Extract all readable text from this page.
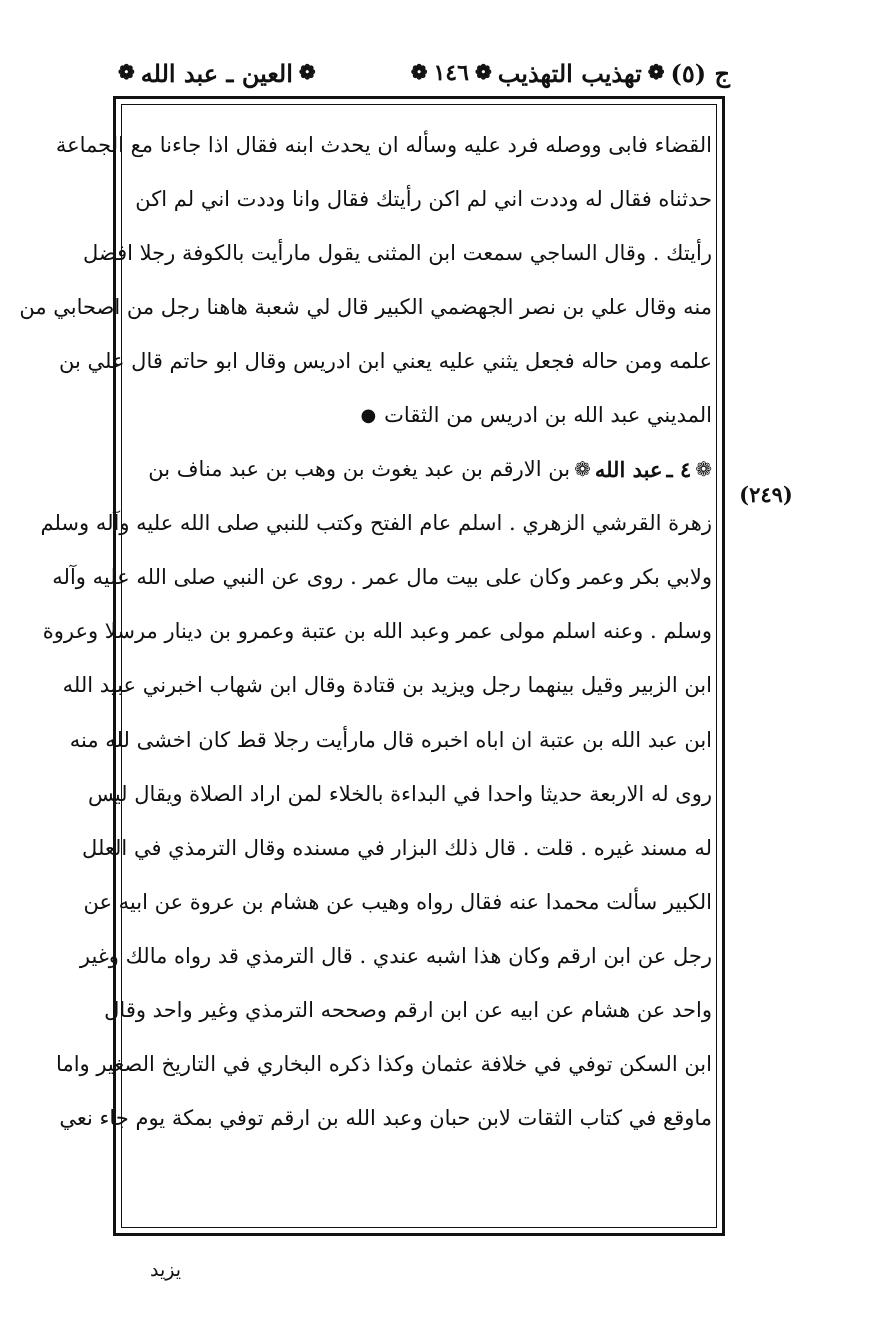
ج (٥)
❁
تهذيب التهذيب
❁
١٤٦
❁
❁
العين ـ عبد الله
❁
(٢٤٩)
القضاء فابى ووصله فرد عليه وسأله ان يحدث ابنه فقال اذا جاءنا مع الجماعة
حدثناه فقال له وددت اني لم اكن رأيتك فقال وانا وددت اني لم اكن
رأيتك . وقال الساجي سمعت ابن المثنى يقول مارأيت بالكوفة رجلا افضل
منه وقال علي بن نصر الجهضمي الكبير قال لي شعبة هاهنا رجل من اصحابي من
علمه ومن حاله فجعل يثني عليه يعني ابن ادريس وقال ابو حاتم قال علي بن
المديني عبد الله بن ادريس من الثقات
●
❁
٤ ـ
عبد الله
❁
بن الارقم بن عبد يغوث بن وهب بن عبد مناف بن
زهرة القرشي الزهري . اسلم عام الفتح وكتب للنبي صلى الله عليه وآله وسلم
ولابي بكر وعمر وكان على بيت مال عمر . روى عن النبي صلى الله عليه وآله
وسلم . وعنه اسلم مولى عمر وعبد الله بن عتبة وعمرو بن دينار مرسلا وعروة
ابن الزبير وقيل بينهما رجل ويزيد بن قتادة وقال ابن شهاب اخبرني عبيد الله
ابن عبد الله بن عتبة ان اباه اخبره قال مارأيت رجلا قط كان اخشى لله منه
روى له الاربعة حديثا واحدا في البداءة بالخلاء لمن اراد الصلاة ويقال ليس
له مسند غيره . قلت . قال ذلك البزار في مسنده وقال الترمذي في العلل
الكبير سألت محمدا عنه فقال رواه وهيب عن هشام بن عروة عن ابيه عن
رجل عن ابن ارقم وكان هذا اشبه عندي . قال الترمذي قد رواه مالك وغير
واحد عن هشام عن ابيه عن ابن ارقم وصححه الترمذي وغير واحد وقال
ابن السكن توفي في خلافة عثمان وكذا ذكره البخاري في التاريخ الصغير واما
ماوقع في كتاب الثقات لابن حبان وعبد الله بن ارقم توفي بمكة يوم جاء نعي
يزيد
